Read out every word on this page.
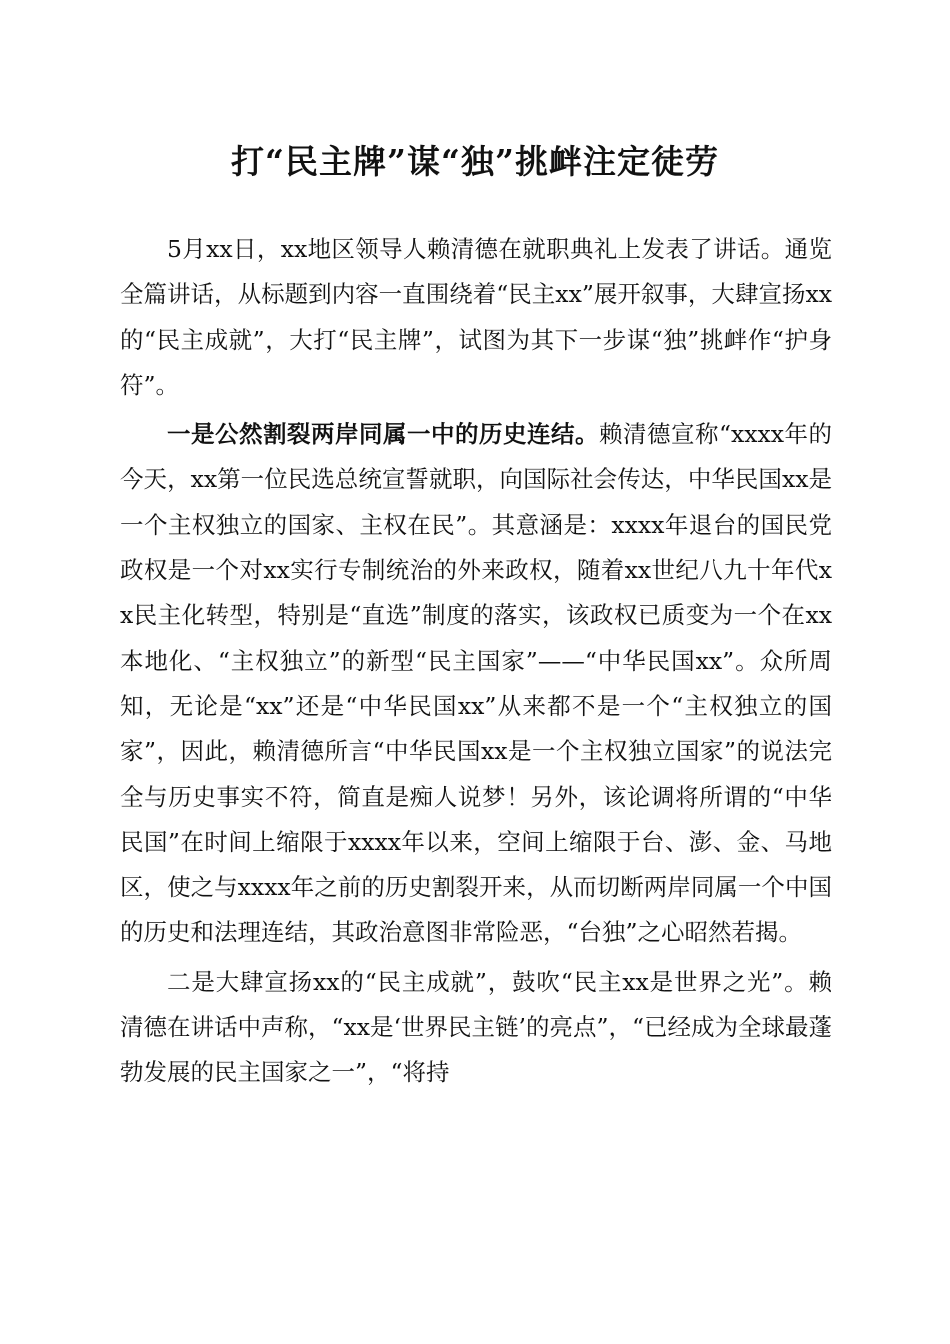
打“民主牌”谋“独”挑衅注定徒劳

5月xx日，xx地区领导人赖清德在就职典礼上发表了讲话。通览全篇讲话，从标题到内容一直围绕着“民主xx”展开叙事，大肆宣扬xx的“民主成就”，大打“民主牌”，试图为其下一步谋“独”挑衅作“护身符”。

一是公然割裂两岸同属一中的历史连结。赖清德宣称“xxxx年的今天，xx第一位民选总统宣誓就职，向国际社会传达，中华民国xx是一个主权独立的国家、主权在民”。其意涵是：xxxx年退台的国民党政权是一个对xx实行专制统治的外来政权，随着xx世纪八九十年代xx民主化转型，特别是“直选”制度的落实，该政权已质变为一个在xx本地化、“主权独立”的新型“民主国家”——“中华民国xx”。众所周知，无论是“xx”还是“中华民国xx”从来都不是一个“主权独立的国家”，因此，赖清德所言“中华民国xx是一个主权独立国家”的说法完全与历史事实不符，简直是痴人说梦！另外，该论调将所谓的“中华民国”在时间上缩限于xxxx年以来，空间上缩限于台、澎、金、马地区，使之与xxxx年之前的历史割裂开来，从而切断两岸同属一个中国的历史和法理连结，其政治意图非常险恶，“台独”之心昭然若揭。

二是大肆宣扬xx的“民主成就”，鼓吹“民主xx是世界之光”。赖清德在讲话中声称，“xx是‘世界民主链’的亮点”，“已经成为全球最蓬勃发展的民主国家之一”，“将持
